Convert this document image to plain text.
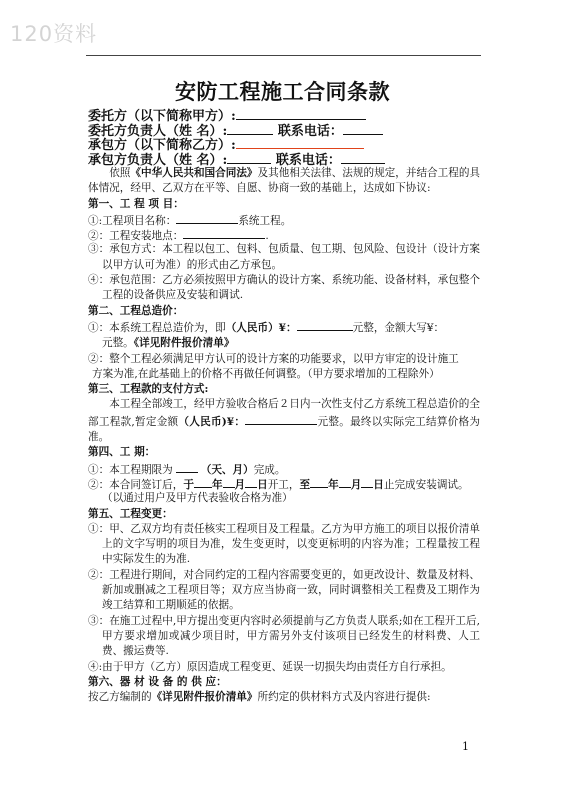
120资料
安防工程施工合同条款
委托方（以下简称甲方）:
委托方负责人（姓 名）:	联系电话：
承包方（以下简称乙方）:
承包方负责人（姓 名）:	联系电话：
依照《中华人民共和国合同法》及其他相关法律、法规的规定，并结合工程的具体情况，经甲、乙双方在平等、自愿、协商一致的基础上，达成如下协议:
第一、工 程 项 目：
①:工程项目名称：	系统工程。
②：工程安装地点：	.
③：承包方式：本工程以包工、包料、包质量、包工期、包风险、包设计（设计方案以甲方认可为准）的形式由乙方承包。
④：承包范围：乙方必须按照甲方确认的设计方案、系统功能、设备材料，承包整个工程的设备供应及安装和调试.
第二、工程总造价：
①：本系统工程总造价为，即（人民币）¥：	元整，金额大写¥：
元整。《详见附件报价清单》
②：整个工程必须满足甲方认可的设计方案的功能要求，以甲方审定的设计施工
方案为准,在此基础上的价格不再做任何调整。（甲方要求增加的工程除外）
第三、工程款的支付方式:
本工程全部竣工，经甲方验收合格后２日内一次性支付乙方系统工程总造价的全部工程款,暂定金额（人民币)¥：	元整。最终以实际完工结算价格为准。
第四、工 期：
①：本工程期限为	（天、月）完成。
②：本合同签订后，于 年 月 日开工，至 年 月 日止完成安装调试。
（以通过用户及甲方代表验收合格为准）
第五、工程变更：
①：甲、乙双方均有责任核实工程项目及工程量。乙方为甲方施工的项目以报价清单上的文字写明的项目为准，发生变更时，以变更标明的内容为准；工程量按工程中实际发生的为准.
②：工程进行期间，对合同约定的工程内容需要变更的，如更改设计、数量及材料、新加或删减之工程项目等；双方应当协商一致，同时调整相关工程费及工期作为竣工结算和工期顺延的依据。
③：在施工过程中,甲方提出变更内容时必须提前与乙方负责人联系;如在工程开工后,甲方要求增加或减少项目时，甲方需另外支付该项目已经发生的材料费、人工费、搬运费等.
④:由于甲方（乙方）原因造成工程变更、延误一切损失均由责任方自行承担。
第六、器 材 设 备 的 供 应：
按乙方编制的《详见附件报价清单》所约定的供材料方式及内容进行提供:
1
